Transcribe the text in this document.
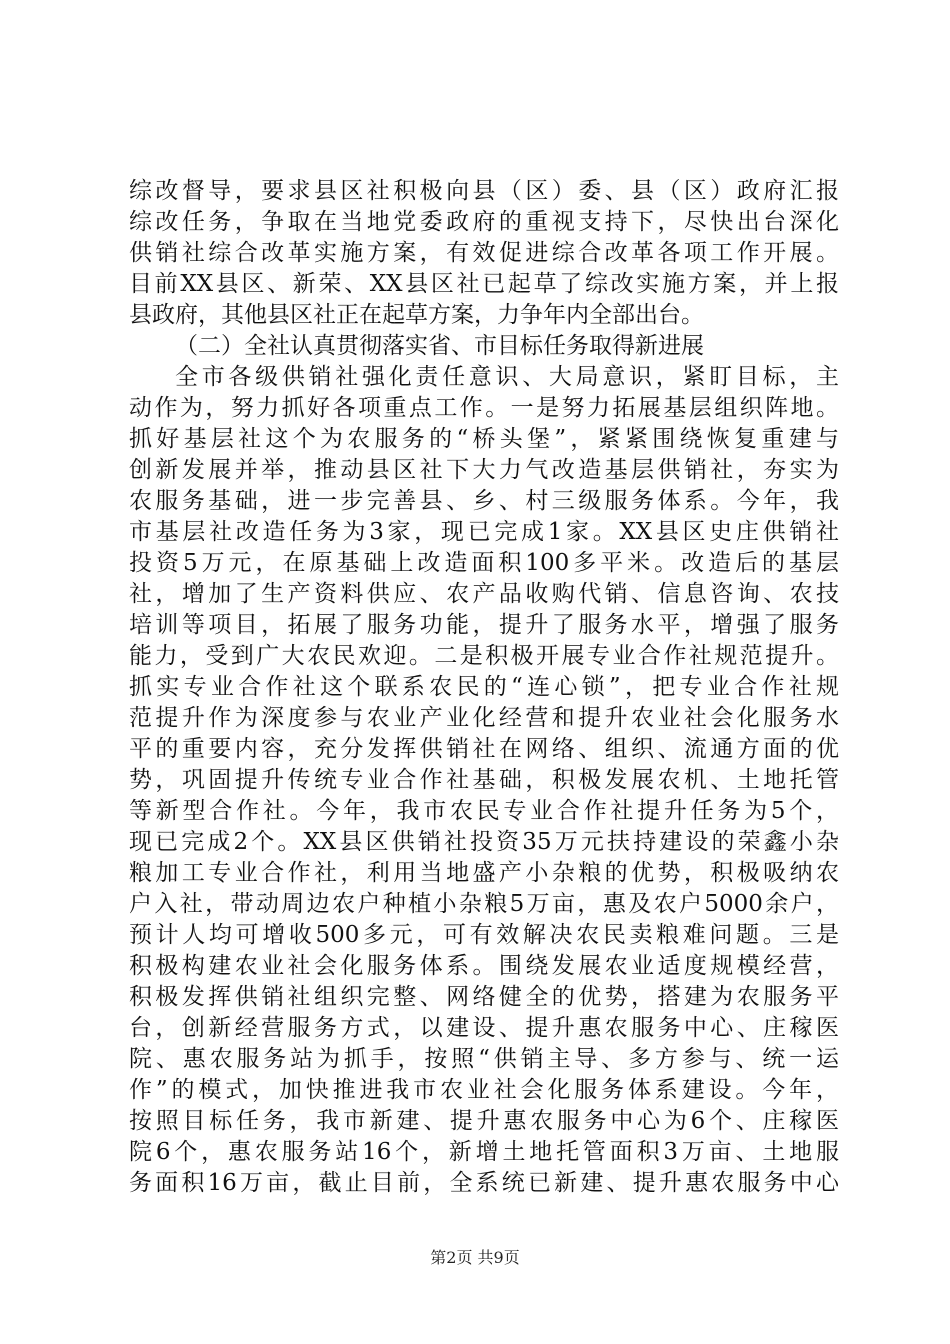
综改督导，要求县区社积极向县（区）委、县（区）政府汇报
综改任务，争取在当地党委政府的重视支持下，尽快出台深化
供销社综合改革实施方案，有效促进综合改革各项工作开展。
目前XX县区、新荣、XX县区社已起草了综改实施方案，并上报
县政府，其他县区社正在起草方案，力争年内全部出台。
（二）全社认真贯彻落实省、市目标任务取得新进展
全市各级供销社强化责任意识、大局意识，紧盯目标，主
动作为，努力抓好各项重点工作。一是努力拓展基层组织阵地。
抓好基层社这个为农服务的“桥头堡”，紧紧围绕恢复重建与
创新发展并举，推动县区社下大力气改造基层供销社，夯实为
农服务基础，进一步完善县、乡、村三级服务体系。今年，我
市基层社改造任务为3家，现已完成1家。XX县区史庄供销社
投资5万元，在原基础上改造面积100多平米。改造后的基层
社，增加了生产资料供应、农产品收购代销、信息咨询、农技
培训等项目，拓展了服务功能，提升了服务水平，增强了服务
能力，受到广大农民欢迎。二是积极开展专业合作社规范提升。
抓实专业合作社这个联系农民的“连心锁”，把专业合作社规
范提升作为深度参与农业产业化经营和提升农业社会化服务水
平的重要内容，充分发挥供销社在网络、组织、流通方面的优
势，巩固提升传统专业合作社基础，积极发展农机、土地托管
等新型合作社。今年，我市农民专业合作社提升任务为5个，
现已完成2个。XX县区供销社投资35万元扶持建设的荣鑫小杂
粮加工专业合作社，利用当地盛产小杂粮的优势，积极吸纳农
户入社，带动周边农户种植小杂粮5万亩，惠及农户5000余户，
预计人均可增收500多元，可有效解决农民卖粮难问题。三是
积极构建农业社会化服务体系。围绕发展农业适度规模经营，
积极发挥供销社组织完整、网络健全的优势，搭建为农服务平
台，创新经营服务方式，以建设、提升惠农服务中心、庄稼医
院、惠农服务站为抓手，按照“供销主导、多方参与、统一运
作”的模式，加快推进我市农业社会化服务体系建设。今年，
按照目标任务，我市新建、提升惠农服务中心为6个、庄稼医
院6个，惠农服务站16个，新增土地托管面积3万亩、土地服
务面积16万亩，截止目前，全系统已新建、提升惠农服务中心
第2页 共9页
